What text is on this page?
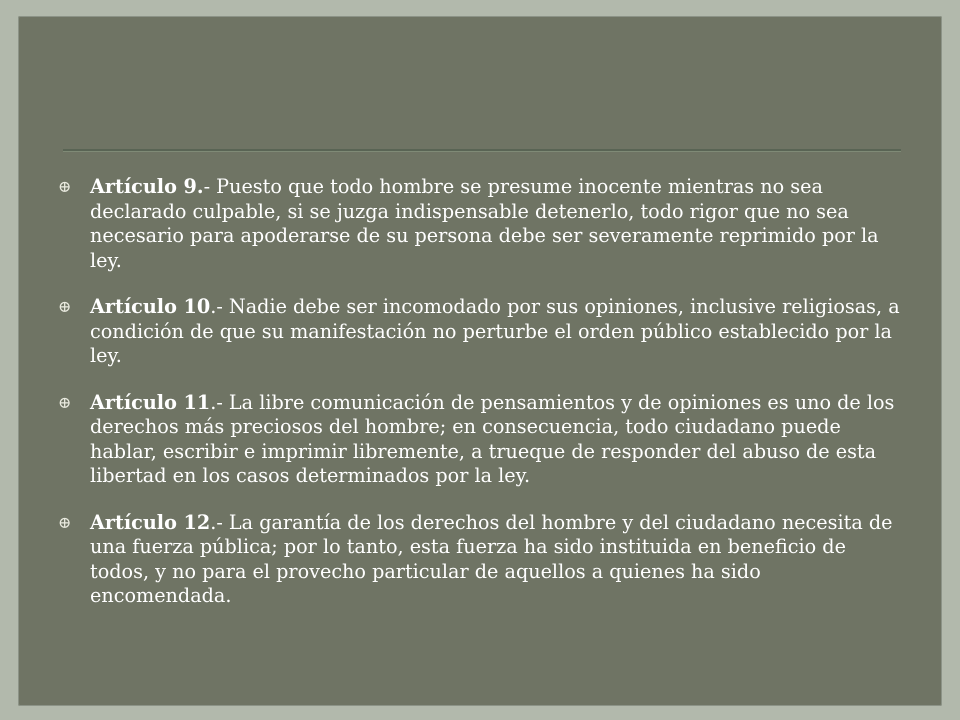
⊕ Artículo 9.- Puesto que todo hombre se presume inocente mientras no sea declarado culpable, si se juzga indispensable detenerlo, todo rigor que no sea necesario para apoderarse de su persona debe ser severamente reprimido por la ley.
⊕ Artículo 10.- Nadie debe ser incomodado por sus opiniones, inclusive religiosas, a condición de que su manifestación no perturbe el orden público establecido por la ley.
⊕ Artículo 11.- La libre comunicación de pensamientos y de opiniones es uno de los derechos más preciosos del hombre; en consecuencia, todo ciudadano puede hablar, escribir e imprimir libremente, a trueque de responder del abuso de esta libertad en los casos determinados por la ley.
⊕ Artículo 12.- La garantía de los derechos del hombre y del ciudadano necesita de una fuerza pública; por lo tanto, esta fuerza ha sido instituida en beneficio de todos, y no para el provecho particular de aquellos a quienes ha sido encomendada.
